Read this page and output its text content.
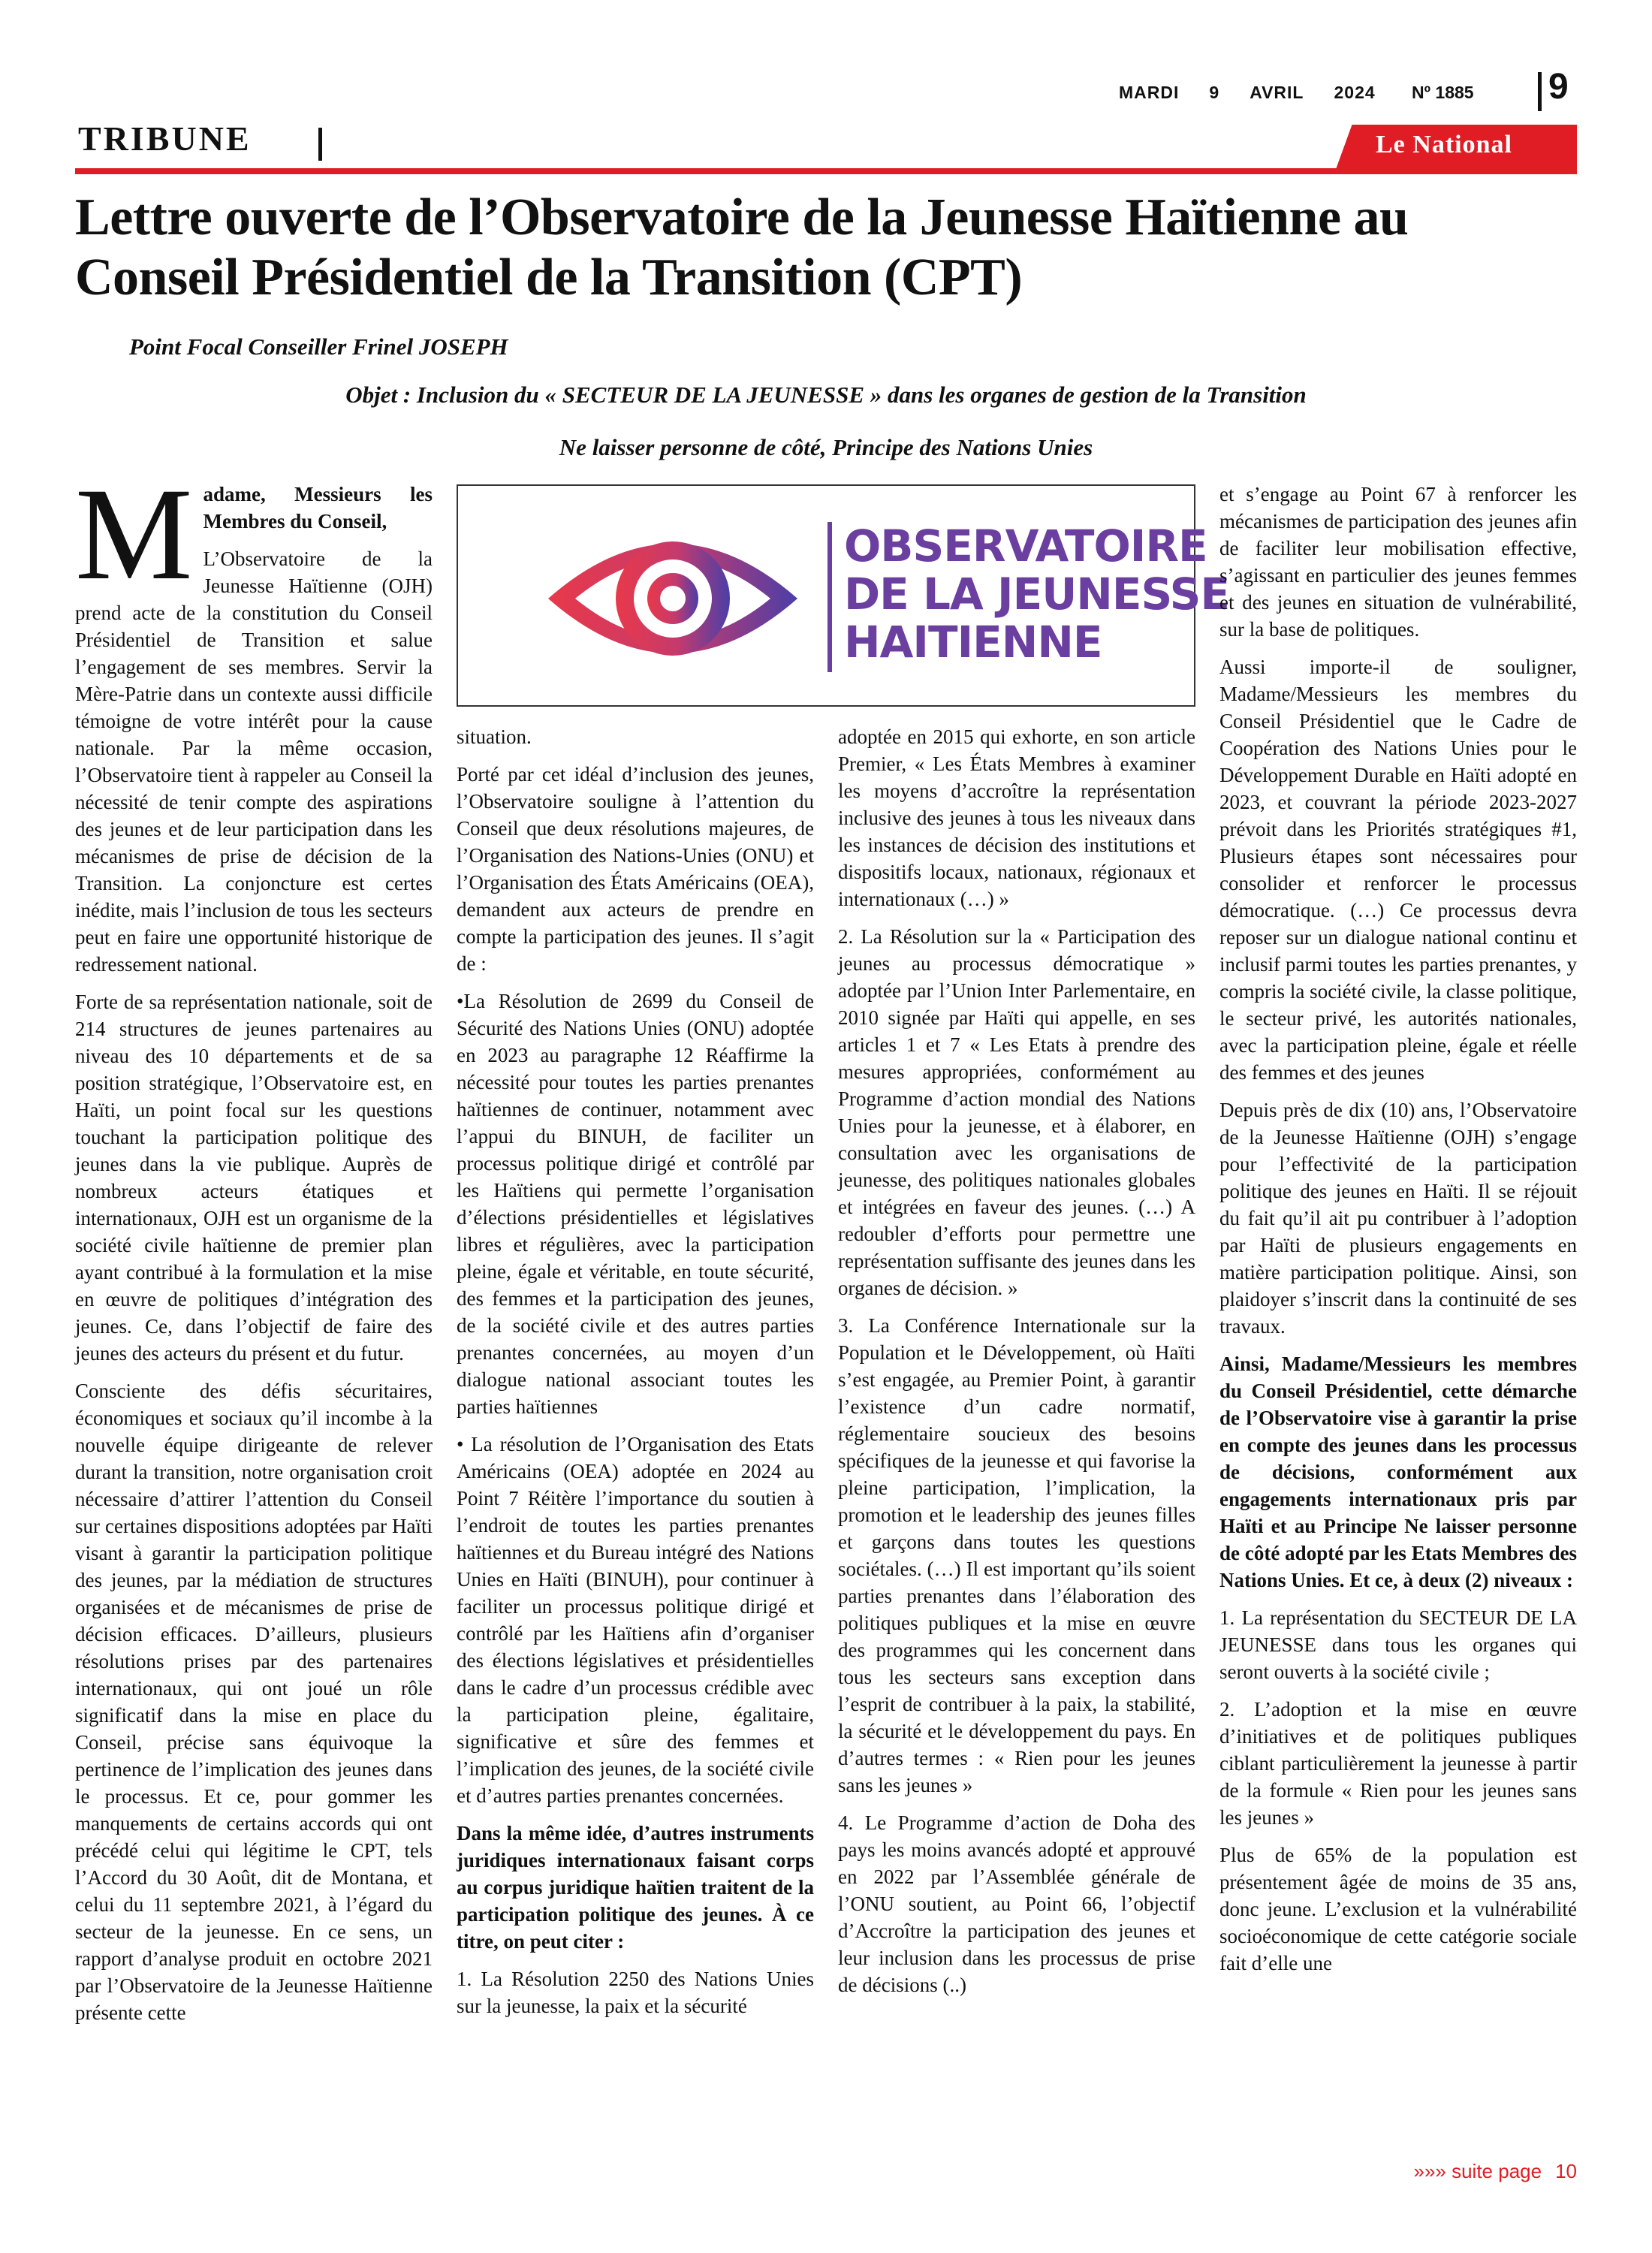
MARDI 9 AVRIL 2024	Nº 1885 9
TRIBUNE	Le National
Lettre ouverte de l’Observatoire de la Jeunesse Haïtienne au Conseil Présidentiel de la Transition (CPT)
Point Focal Conseiller Frinel JOSEPH
Objet : Inclusion du « SECTEUR DE LA JEUNESSE » dans les organes de gestion de la Transition
Ne laisser personne de côté, Principe des Nations Unies
OBSERVATOIRE
DE LA JEUNESSE
HAITIENNE
M adame, Messieurs les Membres du Conseil,

L’Observatoire de la Jeunesse Haïtienne (OJH) prend acte de la constitution du Conseil Présidentiel de Transition et salue l’engagement de ses membres. Servir la Mère-Patrie dans un contexte aussi difficile témoigne de votre intérêt pour la cause nationale. Par la même occasion, l’Observatoire tient à rappeler au Conseil la nécessité de tenir compte des aspirations des jeunes et de leur participation dans les mécanismes de prise de décision de la Transition. La conjoncture est certes inédite, mais l’inclusion de tous les secteurs peut en faire une opportunité historique de redressement national.

Forte de sa représentation nationale, soit de 214 structures de jeunes partenaires au niveau des 10 départements et de sa position stratégique, l’Observatoire est, en Haïti, un point focal sur les questions touchant la participation politique des jeunes dans la vie publique. Auprès de nombreux acteurs étatiques et internationaux, OJH est un organisme de la société civile haïtienne de premier plan ayant contribué à la formulation et la mise en œuvre de politiques d’intégration des jeunes. Ce, dans l’objectif de faire des jeunes des acteurs du présent et du futur.

Consciente des défis sécuritaires, économiques et sociaux qu’il incombe à la nouvelle équipe dirigeante de relever durant la transition, notre organisation croit nécessaire d’attirer l’attention du Conseil sur certaines dispositions adoptées par Haïti visant à garantir la participation politique des jeunes, par la médiation de structures organisées et de mécanismes de prise de décision efficaces. D’ailleurs, plusieurs résolutions prises par des partenaires internationaux, qui ont joué un rôle significatif dans la mise en place du Conseil, précise sans équivoque la pertinence de l’implication des jeunes dans le processus. Et ce, pour gommer les manquements de certains accords qui ont précédé celui qui légitime le CPT, tels l’Accord du 30 Août, dit de Montana, et celui du 11 septembre 2021, à l’égard du secteur de la jeunesse. En ce sens, un rapport d’analyse produit en octobre 2021 par l’Observatoire de la Jeunesse Haïtienne présente cette

situation.

Porté par cet idéal d’inclusion des jeunes, l’Observatoire souligne à l’attention du Conseil que deux résolutions majeures, de l’Organisation des Nations-Unies (ONU) et l’Organisation des États Américains (OEA), demandent aux acteurs de prendre en compte la participation des jeunes. Il s’agit de :

•La Résolution de 2699 du Conseil de Sécurité des Nations Unies (ONU) adoptée en 2023 au paragraphe 12 Réaffirme la nécessité pour toutes les parties prenantes haïtiennes de continuer, notamment avec l’appui du BINUH, de faciliter un processus politique dirigé et contrôlé par les Haïtiens qui permette l’organisation d’élections présidentielles et législatives libres et régulières, avec la participation pleine, égale et véritable, en toute sécurité, des femmes et la participation des jeunes, de la société civile et des autres parties prenantes concernées, au moyen d’un dialogue national associant toutes les parties haïtiennes

• La résolution de l’Organisation des Etats Américains (OEA) adoptée en 2024 au Point 7 Réitère l’importance du soutien à l’endroit de toutes les parties prenantes haïtiennes et du Bureau intégré des Nations Unies en Haïti (BINUH), pour continuer à faciliter un processus politique dirigé et contrôlé par les Haïtiens afin d’organiser des élections législatives et présidentielles dans le cadre d’un processus crédible avec la participation pleine, égalitaire, significative et sûre des femmes et l’implication des jeunes, de la société civile et d’autres parties prenantes concernées.

Dans la même idée, d’autres instruments juridiques internationaux faisant corps au corpus juridique haïtien traitent de la participation politique des jeunes. À ce titre, on peut citer :

1. La Résolution 2250 des Nations Unies sur la jeunesse, la paix et la sécurité

adoptée en 2015 qui exhorte, en son article Premier, « Les États Membres à examiner les moyens d’accroître la représentation inclusive des jeunes à tous les niveaux dans les instances de décision des institutions et dispositifs locaux, nationaux, régionaux et internationaux (…) »

2. La Résolution sur la « Participation des jeunes au processus démocratique » adoptée par l’Union Inter Parlementaire, en 2010 signée par Haïti qui appelle, en ses articles 1 et 7 « Les Etats à prendre des mesures appropriées, conformément au Programme d’action mondial des Nations Unies pour la jeunesse, et à élaborer, en consultation avec les organisations de jeunesse, des politiques nationales globales et intégrées en faveur des jeunes. (…) A redoubler d’efforts pour permettre une représentation suffisante des jeunes dans les organes de décision. »

3. La Conférence Internationale sur la Population et le Développement, où Haïti s’est engagée, au Premier Point, à garantir l’existence d’un cadre normatif, réglementaire soucieux des besoins spécifiques de la jeunesse et qui favorise la pleine participation, l’implication, la promotion et le leadership des jeunes filles et garçons dans toutes les questions sociétales. (…) Il est important qu’ils soient parties prenantes dans l’élaboration des politiques publiques et la mise en œuvre des programmes qui les concernent dans tous les secteurs sans exception dans l’esprit de contribuer à la paix, la stabilité, la sécurité et le développement du pays. En d’autres termes : « Rien pour les jeunes sans les jeunes »

4. Le Programme d’action de Doha des pays les moins avancés adopté et approuvé en 2022 par l’Assemblée générale de l’ONU soutient, au Point 66, l’objectif d’Accroître la participation des jeunes et leur inclusion dans les processus de prise de décisions (..)

et s’engage au Point 67 à renforcer les mécanismes de participation des jeunes afin de faciliter leur mobilisation effective, s’agissant en particulier des jeunes femmes et des jeunes en situation de vulnérabilité, sur la base de politiques.

Aussi importe-il de souligner, Madame/Messieurs les membres du Conseil Présidentiel que le Cadre de Coopération des Nations Unies pour le Développement Durable en Haïti adopté en 2023, et couvrant la période 2023-2027 prévoit dans les Priorités stratégiques #1, Plusieurs étapes sont nécessaires pour consolider et renforcer le processus démocratique. (…) Ce processus devra reposer sur un dialogue national continu et inclusif parmi toutes les parties prenantes, y compris la société civile, la classe politique, le secteur privé, les autorités nationales, avec la participation pleine, égale et réelle des femmes et des jeunes

Depuis près de dix (10) ans, l’Observatoire de la Jeunesse Haïtienne (OJH) s’engage pour l’effectivité de la participation politique des jeunes en Haïti. Il se réjouit du fait qu’il ait pu contribuer à l’adoption par Haïti de plusieurs engagements en matière participation politique. Ainsi, son plaidoyer s’inscrit dans la continuité de ses travaux.

Ainsi, Madame/Messieurs les membres du Conseil Présidentiel, cette démarche de l’Observatoire vise à garantir la prise en compte des jeunes dans les processus de décisions, conformément aux engagements internationaux pris par Haïti et au Principe Ne laisser personne de côté adopté par les Etats Membres des Nations Unies. Et ce, à deux (2) niveaux :

1. La représentation du SECTEUR DE LA JEUNESSE dans tous les organes qui seront ouverts à la société civile ;

2. L’adoption et la mise en œuvre d’initiatives et de politiques publiques ciblant particulièrement la jeunesse à partir de la formule « Rien pour les jeunes sans les jeunes »

Plus de 65% de la population est présentement âgée de moins de 35 ans, donc jeune. L’exclusion et la vulnérabilité socioéconomique de cette catégorie sociale fait d’elle une

»»» suite page 10
